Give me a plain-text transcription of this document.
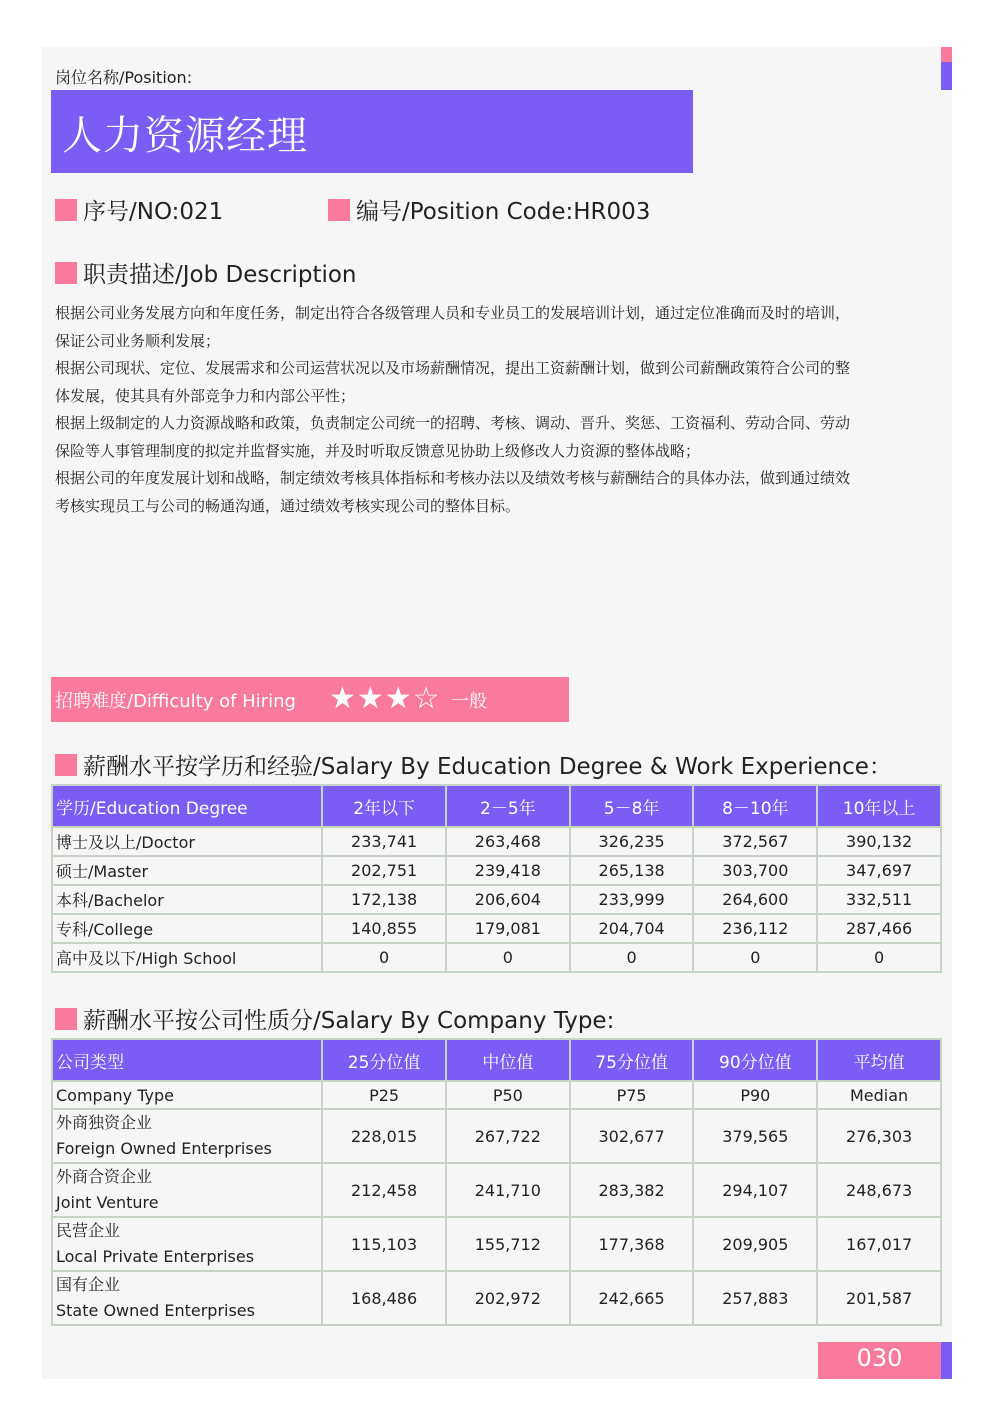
岗位名称/Position:
人力资源经理
序号/NO:021	编号/Position Code:HR003
职责描述/Job Description

根据公司业务发展方向和年度任务，制定出符合各级管理人员和专业员工的发展培训计划，通过定位准确而及时的培训，

保证公司业务顺利发展；

根据公司现状、定位、发展需求和公司运营状况以及市场薪酬情况，提出工资薪酬计划，做到公司薪酬政策符合公司的整

体发展，使其具有外部竞争力和内部公平性；

根据上级制定的人力资源战略和政策，负责制定公司统一的招聘、考核、调动、晋升、奖惩、工资福利、劳动合同、劳动

保险等人事管理制度的拟定并监督实施，并及时听取反馈意见协助上级修改人力资源的整体战略；

根据公司的年度发展计划和战略，制定绩效考核具体指标和考核办法以及绩效考核与薪酬结合的具体办法，做到通过绩效

考核实现员工与公司的畅通沟通，通过绩效考核实现公司的整体目标。

招聘难度/Difficulty of Hiring ★★★☆ 一般
薪酬水平按学历和经验/Salary By Education Degree & Work Experience：
学历/Education Degree	2年以下	2－5年	5－8年	8－10年	10年以上
博士及以上/Doctor	233,741	263,468	326,235	372,567	390,132
硕士/Master	202,751	239,418	265,138	303,700	347,697
本科/Bachelor	172,138	206,604	233,999	264,600	332,511
专科/College	140,855	179,081	204,704	236,112	287,466
高中及以下/High School	0	0	0	0	0
薪酬水平按公司性质分/Salary By Company Type:
公司类型	25分位值	中位值	75分位值	90分位值	平均值
Company Type	P25	P50	P75	P90	Median

外商独资企业
Foreign Owned Enterprises	228,015	267,722	302,677	379,565	276,303

外商合资企业
Joint Venture	212,458	241,710	283,382	294,107	248,673

民营企业
Local Private Enterprises	115,103	155,712	177,368	209,905	167,017

国有企业
State Owned Enterprises	168,486	202,972	242,665	257,883	201,587
030
